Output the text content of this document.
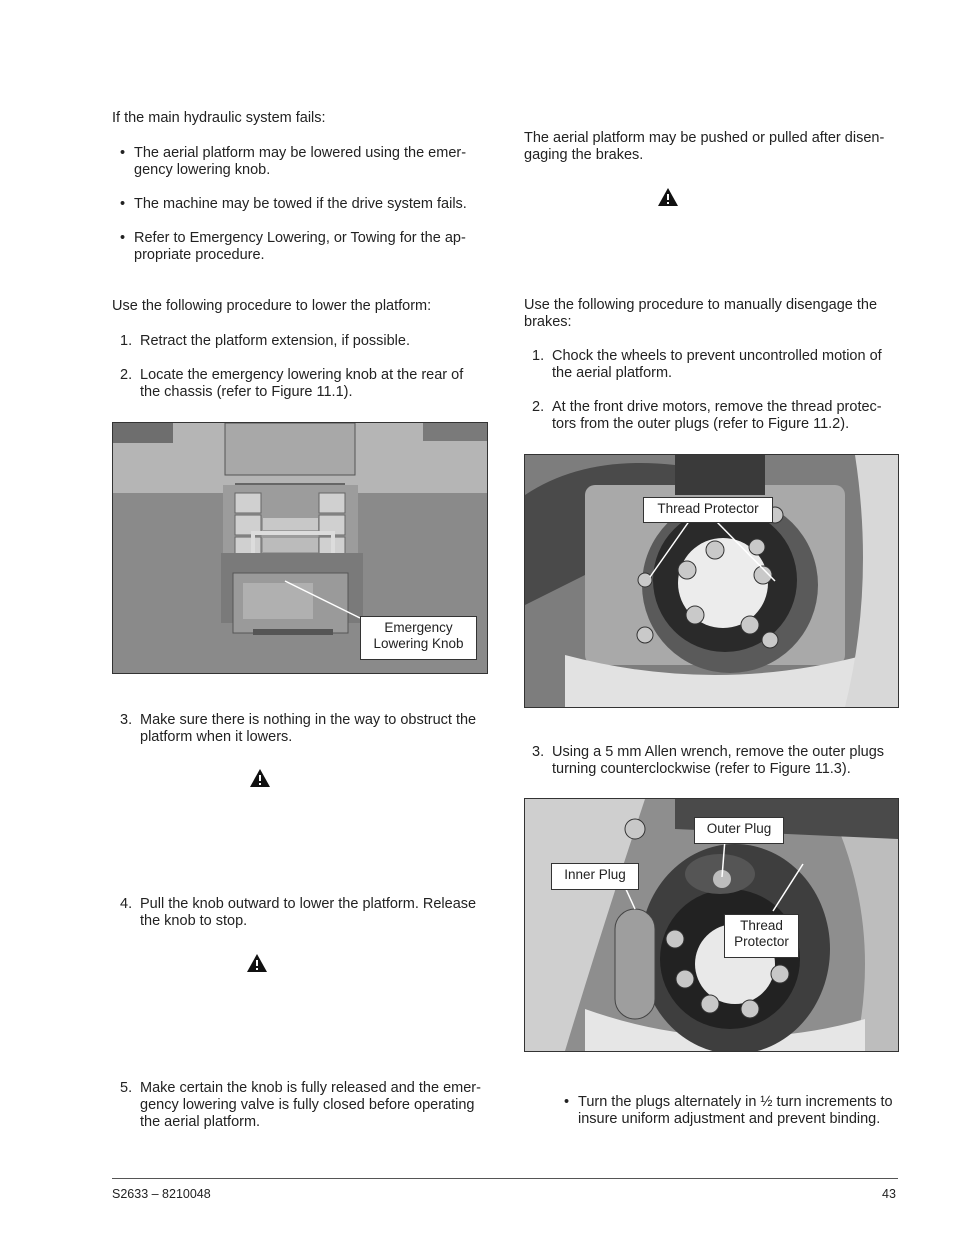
If the main hydraulic system fails:

• The aerial platform may be lowered using the emer-
gency lowering knob.
• The machine may be towed if the drive system fails.
• Refer to Emergency Lowering, or Towing for the ap-
propriate procedure.

Use the following procedure to lower the platform:

1. Retract the platform extension, if possible.
2. Locate the emergency lowering knob at the rear of
the chassis (refer to Figure 11.1).
Emergency
Lowering Knob
3. Make sure there is nothing in the way to obstruct the
platform when it lowers.
4. Pull the knob outward to lower the platform. Release
the knob to stop.
5. Make certain the knob is fully released and the emer-
gency lowering valve is fully closed before operating
the aerial platform.

The aerial platform may be pushed or pulled after disen-

gaging the brakes.

Use the following procedure to manually disengage the

brakes:

1. Chock the wheels to prevent uncontrolled motion of
the aerial platform.
2. At the front drive motors, remove the thread protec-
tors from the outer plugs (refer to Figure 11.2).
Thread Protector
3. Using a 5 mm Allen wrench, remove the outer plugs
turning counterclockwise (refer to Figure 11.3).
Outer Plug
Inner Plug
Thread
Protector
• Turn the plugs alternately in ½ turn increments to
insure uniform adjustment and prevent binding.
S2633 – 8210048	43
